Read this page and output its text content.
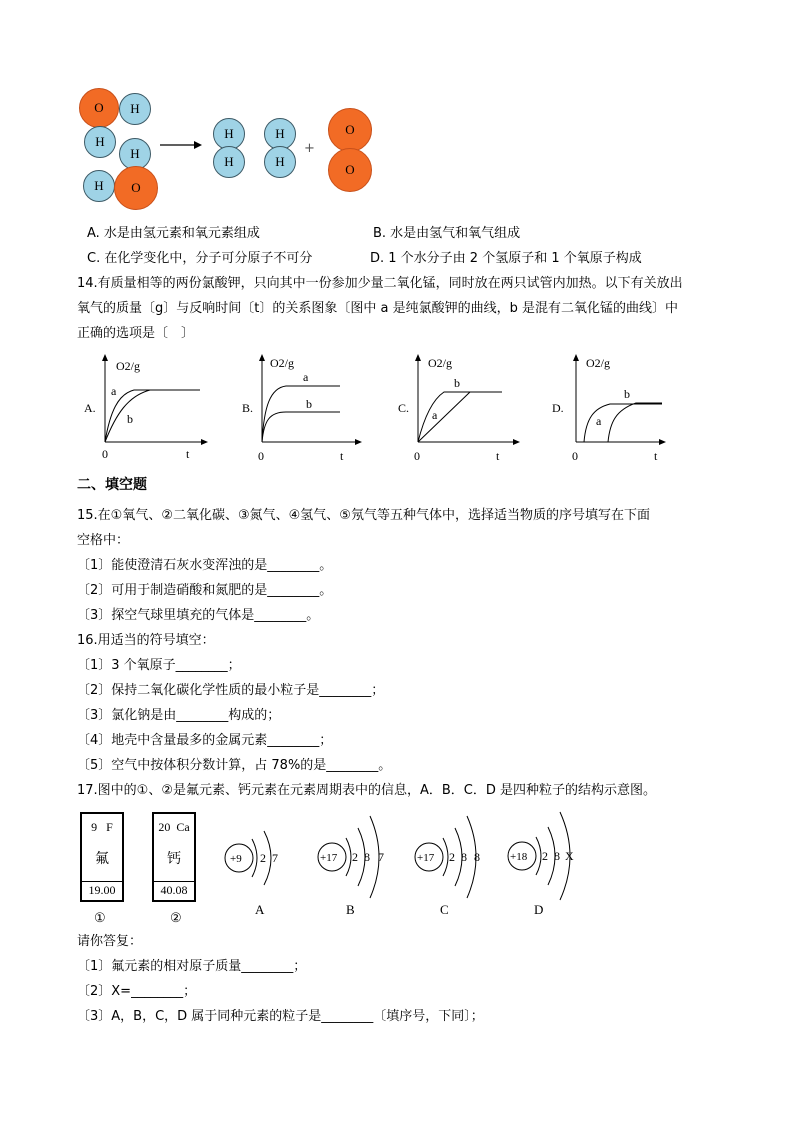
O	H
H
H
H	O
H
H
H
H
+
O
O
A. 水是由氢元素和氧元素组成	B. 水是由氢气和氧气组成
C. 在化学变化中，分子可分原子不可分	D. 1 个水分子由 2 个氢原子和 1 个氧原子构成
14.有质量相等的两份氯酸钾，只向其中一份参加少量二氧化锰，同时放在两只试管内加热。以下有关放出
氧气的质量〔g〕与反响时间〔t〕的关系图象〔图中 a 是纯氯酸钾的曲线，b 是混有二氧化锰的曲线〕中
正确的选项是〔　〕
A.
O2/g
0	t
a
b
B.
O2/g
0	t
a
b	C.
O2/g
0	t
a
b
D.
O2/g
0	t
a
b
二、填空题
15.在①氧气、②二氧化碳、③氮气、④氢气、⑤氖气等五种气体中，选择适当物质的序号填写在下面
空格中：
〔1〕能使澄清石灰水变浑浊的是________。
〔2〕可用于制造硝酸和氮肥的是________。
〔3〕探空气球里填充的气体是________。
16.用适当的符号填空：
〔1〕3 个氧原子________；
〔2〕保持二氧化碳化学性质的最小粒子是________；
〔3〕氯化钠是由________构成的；
〔4〕地壳中含量最多的金属元素________；
〔5〕空气中按体积分数计算，占 78%的是________。
17.图中的①、②是氟元素、钙元素在元素周期表中的信息，A．B．C．D 是四种粒子的结构示意图。
9 F
氟
19.00
①
20 Ca
钙
40.08
②
+9 2 7
A
+17 2 8 7
B
+17 2 8 8
C
+18 2 8 X
D
请你答复：
〔1〕氟元素的相对原子质量________；
〔2〕X=________；
〔3〕A，B，C，D 属于同种元素的粒子是________〔填序号，下同〕；
